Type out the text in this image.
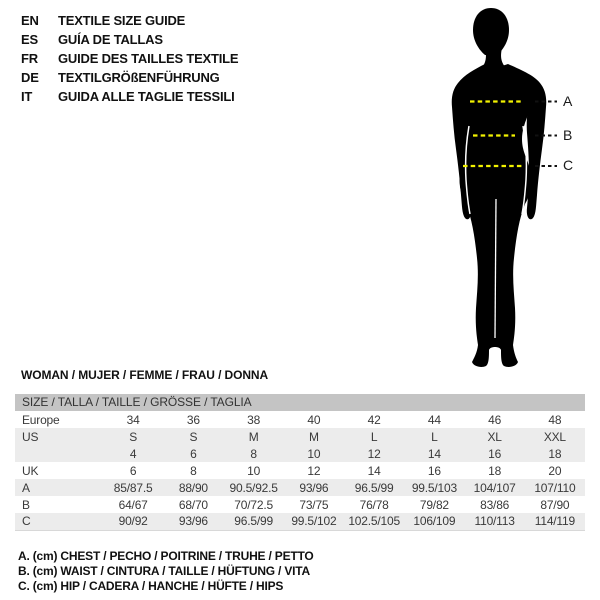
EN	TEXTILE SIZE GUIDE
ES	GUÍA DE TALLAS
FR	GUIDE DES TAILLES TEXTILE
DE	TEXTILGRÖßENFÜHRUNG
IT	GUIDA ALLE TAGLIE TESSILI	A
B
C
WOMAN / MUJER / FEMME / FRAU / DONNA
SIZE / TALLA / TAILLE / GRÖSSE / TAGLIA
Europe	34	36	38	40	42	44	46	48
US	S	S	M	M	L	L	XL	XXL
	4	6	8	10	12	14	16	18
UK	6	8	10	12	14	16	18	20
A	85/87.5	88/90	90.5/92.5	93/96	96.5/99	99.5/103	104/107	107/110
B	64/67	68/70	70/72.5	73/75	76/78	79/82	83/86	87/90
C	90/92	93/96	96.5/99	99.5/102	102.5/105	106/109	110/113	114/119
A. (cm) CHEST / PECHO / POITRINE / TRUHE / PETTO
B. (cm) WAIST / CINTURA / TAILLE / HÜFTUNG / VITA
C. (cm) HIP / CADERA / HANCHE / HÜFTE / HIPS
